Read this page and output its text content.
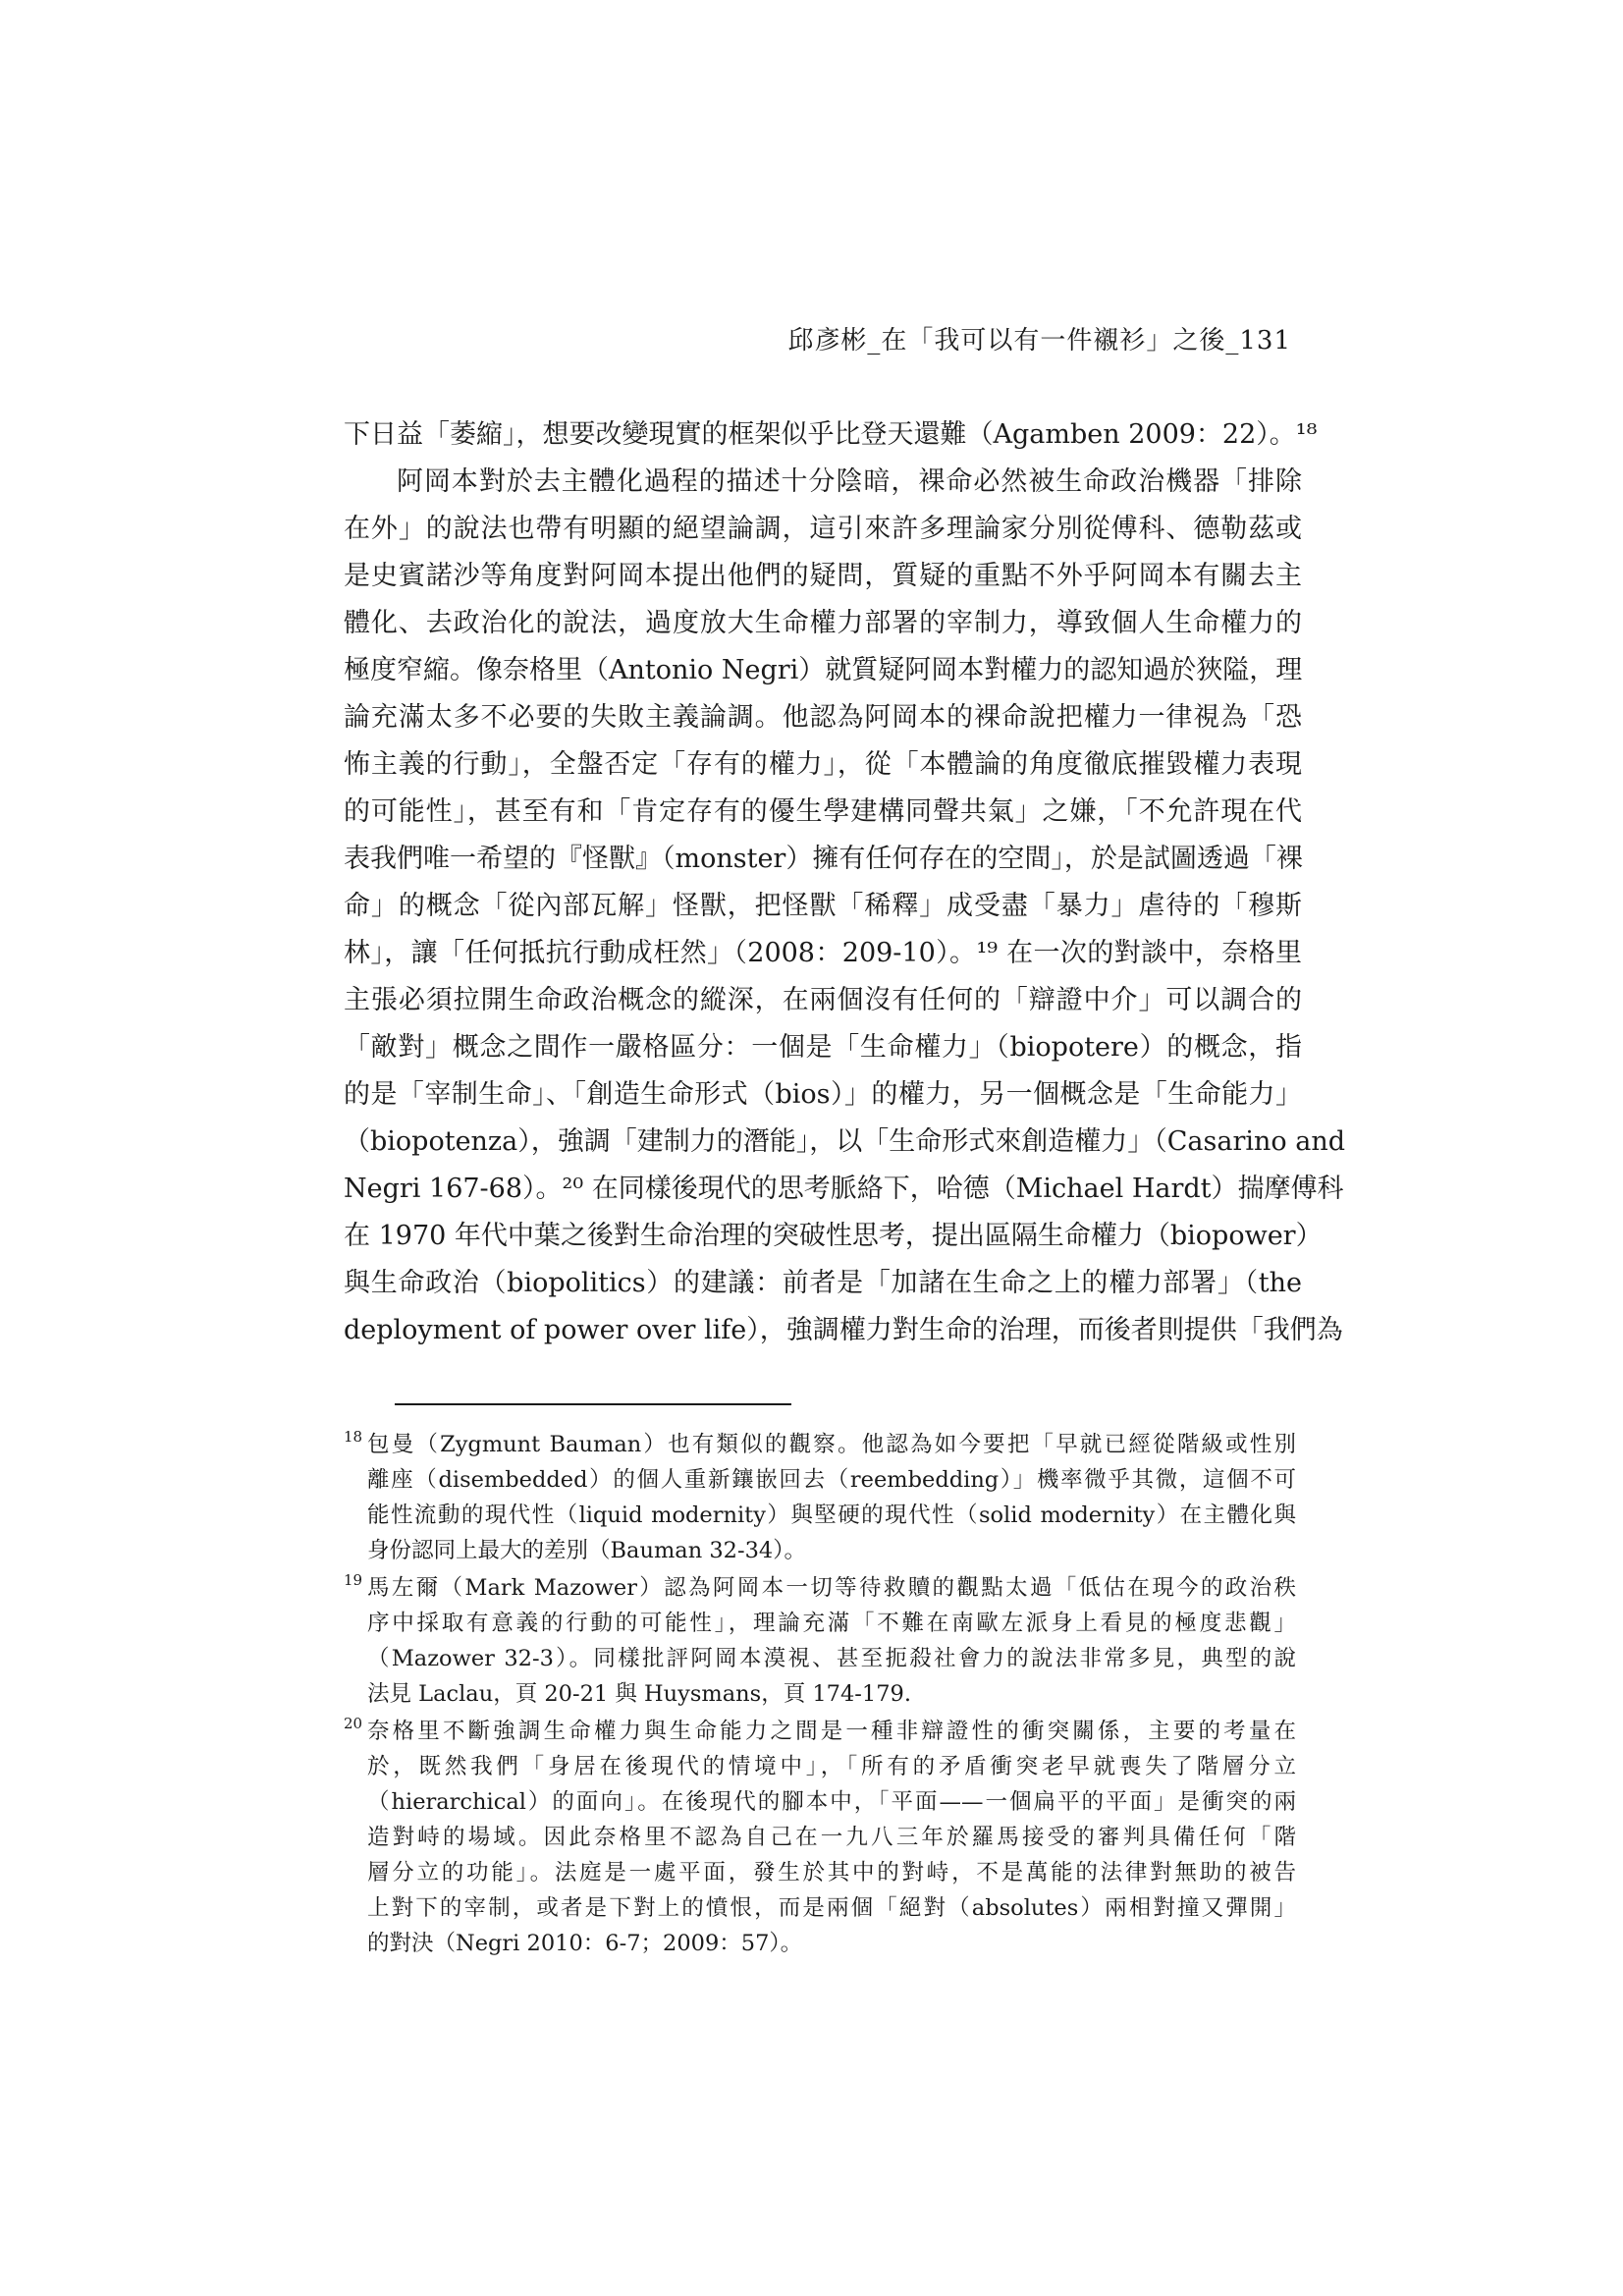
邱彥彬_在「我可以有一件襯衫」之後_131
下日益「萎縮」，想要改變現實的框架似乎比登天還難（Agamben 2009：22）。¹⁸
阿岡本對於去主體化過程的描述十分陰暗，裸命必然被生命政治機器「排除
在外」的說法也帶有明顯的絕望論調，這引來許多理論家分別從傅科、德勒茲或
是史賓諾沙等角度對阿岡本提出他們的疑問，質疑的重點不外乎阿岡本有關去主
體化、去政治化的說法，過度放大生命權力部署的宰制力，導致個人生命權力的
極度窄縮。像奈格里（Antonio Negri）就質疑阿岡本對權力的認知過於狹隘，理
論充滿太多不必要的失敗主義論調。他認為阿岡本的裸命說把權力一律視為「恐
怖主義的行動」，全盤否定「存有的權力」，從「本體論的角度徹底摧毀權力表現
的可能性」，甚至有和「肯定存有的優生學建構同聲共氣」之嫌，「不允許現在代
表我們唯一希望的『怪獸』（monster）擁有任何存在的空間」，於是試圖透過「裸
命」的概念「從內部瓦解」怪獸，把怪獸「稀釋」成受盡「暴力」虐待的「穆斯
林」，讓「任何抵抗行動成枉然」（2008：209-10）。¹⁹ 在一次的對談中，奈格里
主張必須拉開生命政治概念的縱深，在兩個沒有任何的「辯證中介」可以調合的
「敵對」概念之間作一嚴格區分：一個是「生命權力」（biopotere）的概念，指
的是「宰制生命」、「創造生命形式（bios）」的權力，另一個概念是「生命能力」
（biopotenza），強調「建制力的潛能」，以「生命形式來創造權力」（Casarino and
Negri 167-68）。²⁰ 在同樣後現代的思考脈絡下，哈德（Michael Hardt）揣摩傅科
在 1970 年代中葉之後對生命治理的突破性思考，提出區隔生命權力（biopower）
與生命政治（biopolitics）的建議：前者是「加諸在生命之上的權力部署」（the
deployment of power over life），強調權力對生命的治理，而後者則提供「我們為
18 包曼（Zygmunt Bauman）也有類似的觀察。他認為如今要把「早就已經從階級或性別
離座（disembedded）的個人重新鑲嵌回去（reembedding）」機率微乎其微，這個不可
能性流動的現代性（liquid modernity）與堅硬的現代性（solid modernity）在主體化與
身份認同上最大的差別（Bauman 32-34）。
19 馬左爾（Mark Mazower）認為阿岡本一切等待救贖的觀點太過「低估在現今的政治秩
序中採取有意義的行動的可能性」，理論充滿「不難在南歐左派身上看見的極度悲觀」
（Mazower 32-3）。同樣批評阿岡本漠視、甚至扼殺社會力的說法非常多見，典型的說
法見 Laclau，頁 20-21 與 Huysmans，頁 174-179.
20 奈格里不斷強調生命權力與生命能力之間是一種非辯證性的衝突關係，主要的考量在
於，既然我們「身居在後現代的情境中」，「所有的矛盾衝突老早就喪失了階層分立
（hierarchical）的面向」。在後現代的腳本中，「平面——一個扁平的平面」是衝突的兩
造對峙的場域。因此奈格里不認為自己在一九八三年於羅馬接受的審判具備任何「階
層分立的功能」。法庭是一處平面，發生於其中的對峙，不是萬能的法律對無助的被告
上對下的宰制，或者是下對上的憤恨，而是兩個「絕對（absolutes）兩相對撞又彈開」
的對決（Negri 2010：6-7；2009：57）。
